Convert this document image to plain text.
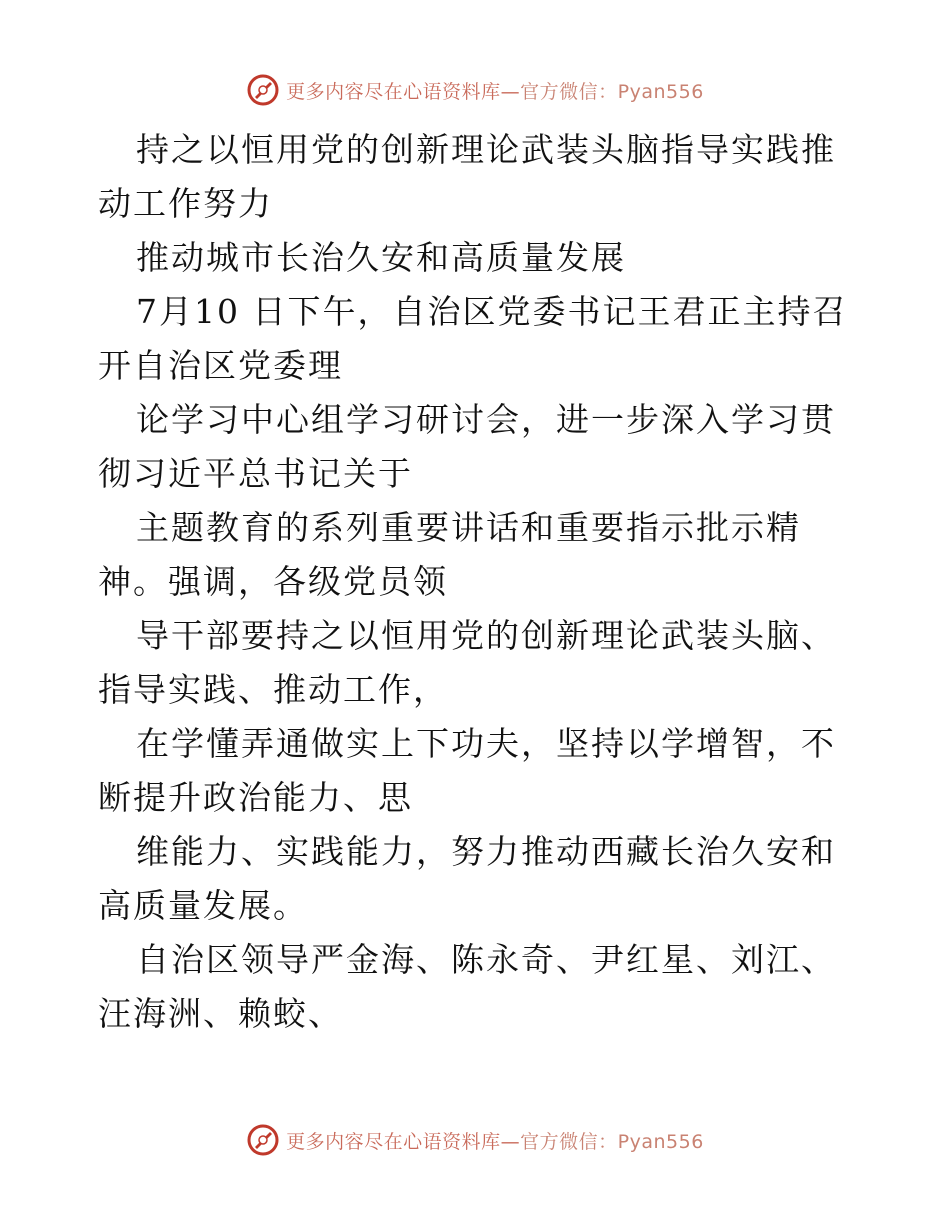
更多内容尽在心语资料库—官方微信：Pyan556

持之以恒用党的创新理论武装头脑指导实践推动工作努力

推动城市长治久安和高质量发展

7月10 日下午，自治区党委书记王君正主持召开自治区党委理

论学习中心组学习研讨会，进一步深入学习贯彻习近平总书记关于

主题教育的系列重要讲话和重要指示批示精神。强调，各级党员领

导干部要持之以恒用党的创新理论武装头脑、指导实践、推动工作，

在学懂弄通做实上下功夫，坚持以学增智，不断提升政治能力、思

维能力、实践能力，努力推动西藏长治久安和高质量发展。

自治区领导严金海、陈永奇、尹红星、刘江、汪海洲、赖蛟、

更多内容尽在心语资料库—官方微信：Pyan556
